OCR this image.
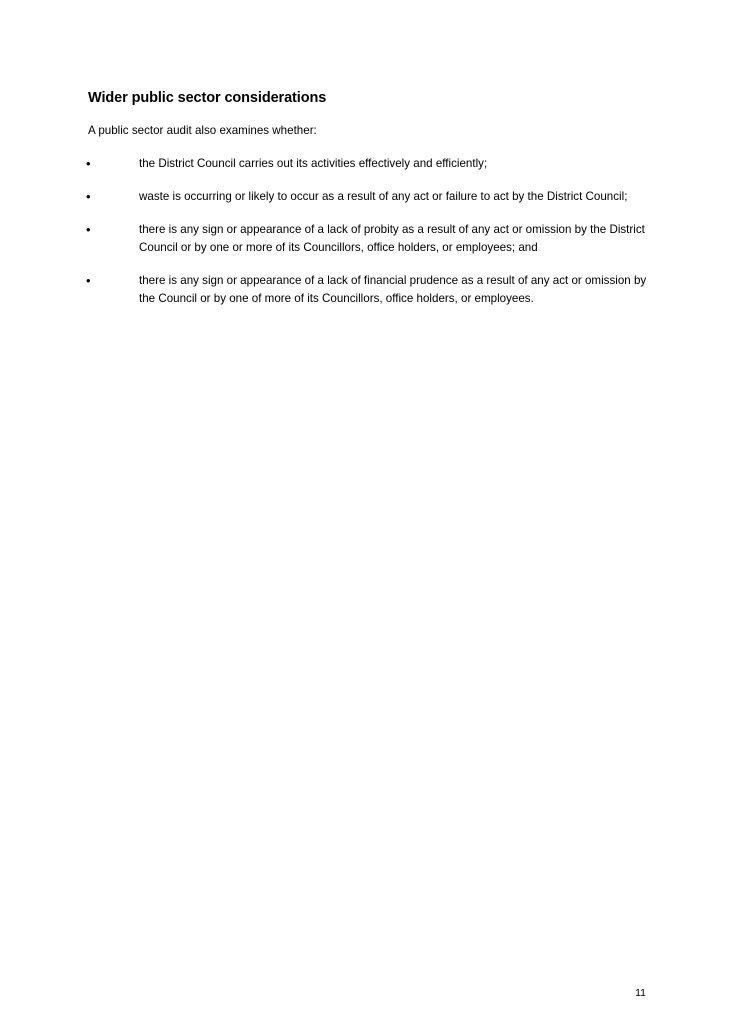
Wider public sector considerations

A public sector audit also examines whether:

•	the District Council carries out its activities effectively and efficiently;
•	waste is occurring or likely to occur as a result of any act or failure to act by the District Council;
•	there is any sign or appearance of a lack of probity as a result of any act or omission by the District Council or by one or more of its Councillors, office holders, or employees; and
•	there is any sign or appearance of a lack of financial prudence as a result of any act or omission by the Council or by one of more of its Councillors, office holders, or employees.
11
